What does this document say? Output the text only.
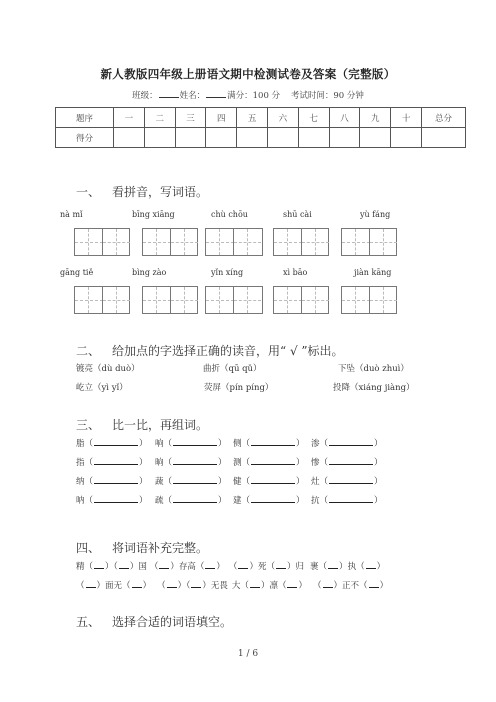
新人教版四年级上册语文期中检测试卷及答案（完整版）
班级：	姓名：	满分：100 分 考试时间：90 分钟
题序	一	二	三	四	五	六	七	八	九	十	总分
得分											
一、 看拼音，写词语。
nà mǐ	bīng xiāng	chù chōu	shū cài	yù fáng
gāng tiě	bìng zào	yǐn xíng	xì bāo	jiàn kāng
二、 给加点的字选择正确的读音，用“ √ ”标出。
镀亮（dù duò）	曲折（qū qǔ）	下坠（duò zhuì）
屹立（yì yǐ）	荧屏（pín píng）	投降（xiáng jiàng）
三、 比一比，再组词。
脂（	） 响（	） 侧（	） 渗（	）
指（	） 晌（	） 测（	） 惨（	）
纳（	） 蔬（	） 健（	） 灶（	）
呐（	） 疏（	） 建（	） 抗（	）
四、 将词语补充完整。
精（ ）（ ）国 （ ）存高（ ） （ ）死（ ）归 裹（ ）执（ ）
（ ）面无（ ） （ ）（ ）无畏 大（ ）凛（ ） （ ）正不（ ）
五、 选择合适的词语填空。
1 / 6
